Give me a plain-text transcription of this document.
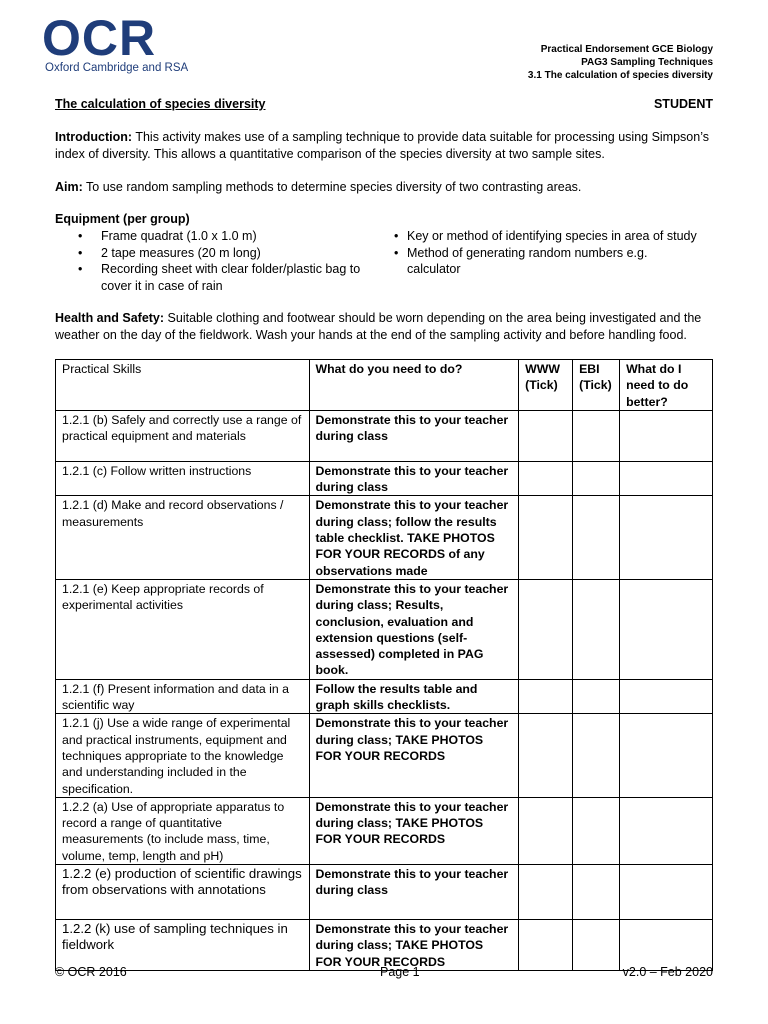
OCR
Oxford Cambridge and RSA
Practical Endorsement GCE Biology
PAG3 Sampling Techniques
3.1 The calculation of species diversity
The calculation of species diversity	STUDENT
Introduction: This activity makes use of a sampling technique to provide data suitable for processing using Simpson’s index of diversity. This allows a quantitative comparison of the species diversity at two sample sites.
Aim: To use random sampling methods to determine species diversity of two contrasting areas.
Equipment (per group)
• Frame quadrat (1.0 x 1.0 m)
• 2 tape measures (20 m long)
• Recording sheet with clear folder/plastic bag to cover it in case of rain
• Key or method of identifying species in area of study
• Method of generating random numbers e.g. calculator
Health and Safety: Suitable clothing and footwear should be worn depending on the area being investigated and the weather on the day of the fieldwork. Wash your hands at the end of the sampling activity and before handling food.
Practical Skills	What do you need to do?	WWW (Tick)	EBI (Tick)	What do I need to do better?
1.2.1 (b) Safely and correctly use a range of practical equipment and materials	Demonstrate this to your teacher during class			
1.2.1 (c) Follow written instructions	Demonstrate this to your teacher during class			
1.2.1 (d) Make and record observations / measurements	Demonstrate this to your teacher during class; follow the results table checklist. TAKE PHOTOS FOR YOUR RECORDS of any observations made			
1.2.1 (e) Keep appropriate records of experimental activities	Demonstrate this to your teacher during class; Results, conclusion, evaluation and extension questions (self-assessed) completed in PAG book.			
1.2.1 (f) Present information and data in a scientific way	Follow the results table and graph skills checklists.			
1.2.1 (j) Use a wide range of experimental and practical instruments, equipment and techniques appropriate to the knowledge and understanding included in the specification.	Demonstrate this to your teacher during class; TAKE PHOTOS FOR YOUR RECORDS			
1.2.2 (a) Use of appropriate apparatus to record a range of quantitative measurements (to include mass, time, volume, temp, length and pH)	Demonstrate this to your teacher during class; TAKE PHOTOS FOR YOUR RECORDS			
1.2.2 (e) production of scientific drawings from observations with annotations	Demonstrate this to your teacher during class			
1.2.2 (k) use of sampling techniques in fieldwork	Demonstrate this to your teacher during class; TAKE PHOTOS FOR YOUR RECORDS			
© OCR 2016	Page 1	v2.0 – Feb 2020
